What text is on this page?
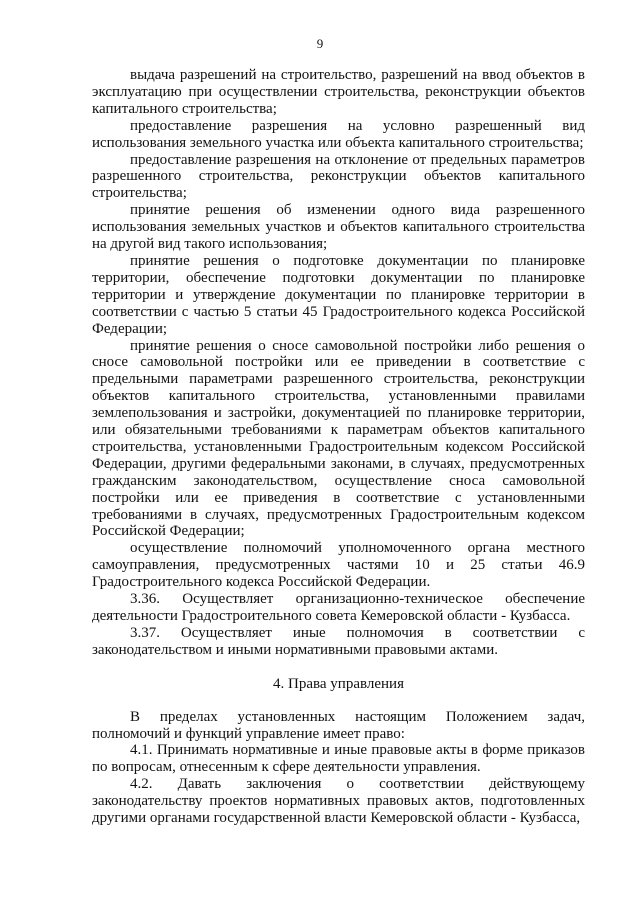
9

выдача разрешений на строительство, разрешений на ввод объектов в эксплуатацию при осуществлении строительства, реконструкции объектов капитального строительства;

предоставление разрешения на условно разрешенный вид использования земельного участка или объекта капитального строительства;

предоставление разрешения на отклонение от предельных параметров разрешенного строительства, реконструкции объектов капитального строительства;

принятие решения об изменении одного вида разрешенного использования земельных участков и объектов капитального строительства на другой вид такого использования;

принятие решения о подготовке документации по планировке территории, обеспечение подготовки документации по планировке территории и утверждение документации по планировке территории в соответствии с частью 5 статьи 45 Градостроительного кодекса Российской Федерации;

принятие решения о сносе самовольной постройки либо решения о сносе самовольной постройки или ее приведении в соответствие с предельными параметрами разрешенного строительства, реконструкции объектов капитального строительства, установленными правилами землепользования и застройки, документацией по планировке территории, или обязательными требованиями к параметрам объектов капитального строительства, установленными Градостроительным кодексом Российской Федерации, другими федеральными законами, в случаях, предусмотренных гражданским законодательством, осуществление сноса самовольной постройки или ее приведения в соответствие с установленными требованиями в случаях, предусмотренных Градостроительным кодексом Российской Федерации;

осуществление полномочий уполномоченного органа местного самоуправления, предусмотренных частями 10 и 25 статьи 46.9 Градостроительного кодекса Российской Федерации.

3.36. Осуществляет организационно-техническое обеспечение деятельности Градостроительного совета Кемеровской области - Кузбасса.

3.37. Осуществляет иные полномочия в соответствии с законодательством и иными нормативными правовыми актами.

4. Права управления

В пределах установленных настоящим Положением задач, полномочий и функций управление имеет право:

4.1. Принимать нормативные и иные правовые акты в форме приказов по вопросам, отнесенным к сфере деятельности управления.

4.2. Давать заключения о соответствии действующему законодательству проектов нормативных правовых актов, подготовленных другими органами государственной власти Кемеровской области - Кузбасса,
